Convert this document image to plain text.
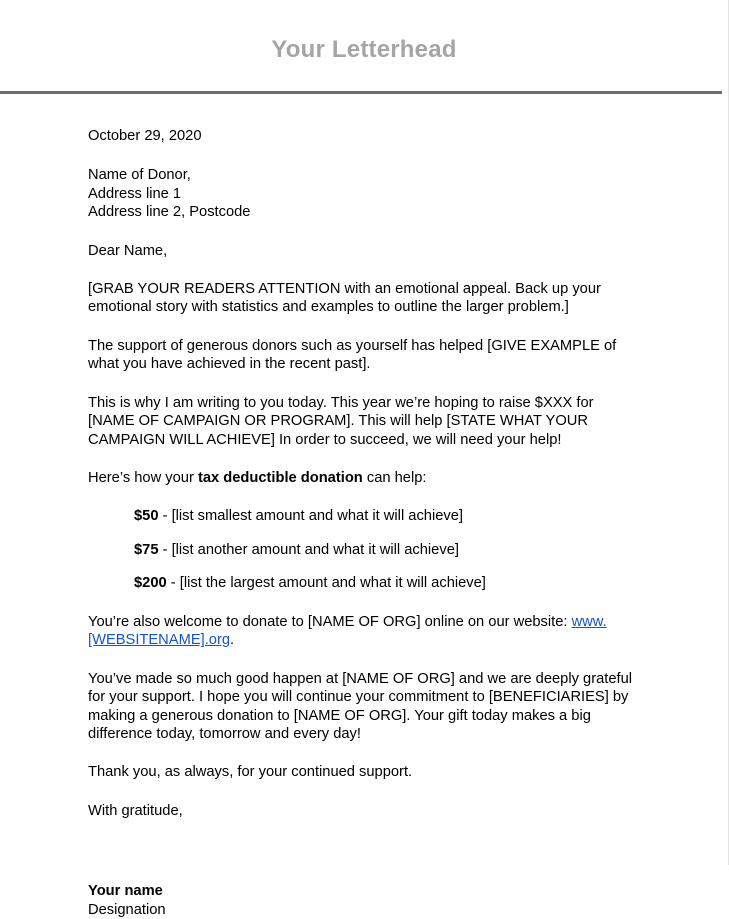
Your Letterhead

October 29, 2020

Name of Donor,
Address line 1
Address line 2, Postcode

Dear Name,

[GRAB YOUR READERS ATTENTION with an emotional appeal. Back up your emotional story with statistics and examples to outline the larger problem.]

The support of generous donors such as yourself has helped [GIVE EXAMPLE of what you have achieved in the recent past].

This is why I am writing to you today. This year we’re hoping to raise $XXX for [NAME OF CAMPAIGN OR PROGRAM]. This will help [STATE WHAT YOUR CAMPAIGN WILL ACHIEVE] In order to succeed, we will need your help!

Here’s how your tax deductible donation can help:

$50 - [list smallest amount and what it will achieve]

$75 - [list another amount and what it will achieve]

$200 - [list the largest amount and what it will achieve]

You’re also welcome to donate to [NAME OF ORG] online on our website: www.[WEBSITENAME].org.

You’ve made so much good happen at [NAME OF ORG] and we are deeply grateful for your support. I hope you will continue your commitment to [BENEFICIARIES] by making a generous donation to [NAME OF ORG]. Your gift today makes a big difference today, tomorrow and every day!

Thank you, as always, for your continued support.

With gratitude,

Your name

Designation
